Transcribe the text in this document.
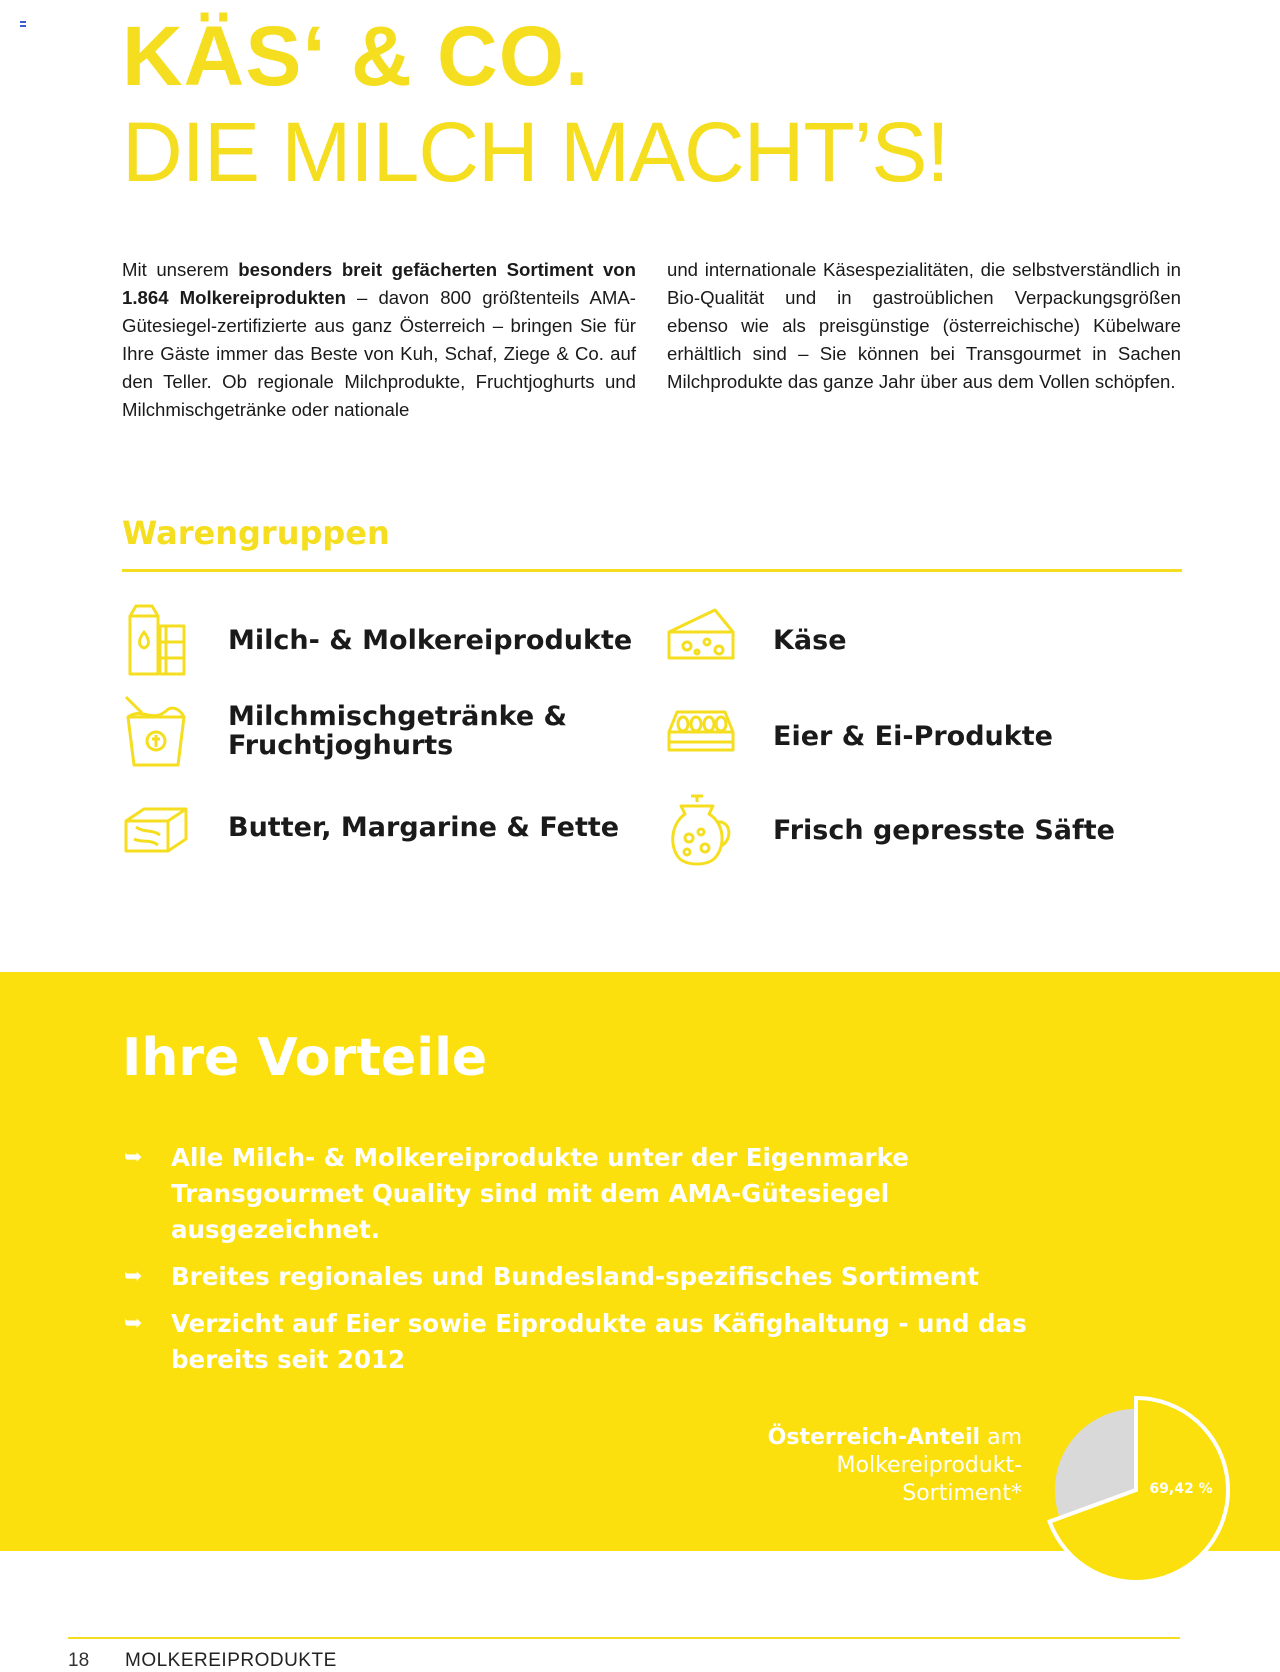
KÄS‘ & CO.
DIE MILCH MACHT’S!

Mit unserem besonders breit gefächerten Sortiment von 1.864 Molkereiprodukten – davon 800 größtenteils AMA-Gütesiegel-zertifizierte aus ganz Österreich – bringen Sie für Ihre Gäste immer das Beste von Kuh, Schaf, Ziege & Co. auf den Teller. Ob regionale Milchprodukte, Fruchtjoghurts und Milchmischgetränke oder nationale

und internationale Käsespezialitäten, die selbstverständlich in Bio-Qualität und in gastroüblichen Verpackungsgrößen ebenso wie als preisgünstige (österreichische) Kübelware erhältlich sind – Sie können bei Transgourmet in Sachen Milchprodukte das ganze Jahr über aus dem Vollen schöpfen.

Warengruppen
Milch- & Molkereiprodukte
Milchmischgetränke &
Fruchtjoghurts
Butter, Margarine & Fette
Käse
Eier & Ei-Produkte
Frisch gepresste Säfte
Ihre Vorteile
➥ Alle Milch- & Molkereiprodukte unter der Eigenmarke Transgourmet Quality sind mit dem AMA-Gütesiegel ausgezeichnet.
➥ Breites regionales und Bundesland-spezifisches Sortiment
➥ Verzicht auf Eier sowie Eiprodukte aus Käfighaltung - und das bereits seit 2012
Österreich-Anteil am Molkereiprodukt-Sortiment*	69,42 %
18 MOLKEREIPRODUKTE
